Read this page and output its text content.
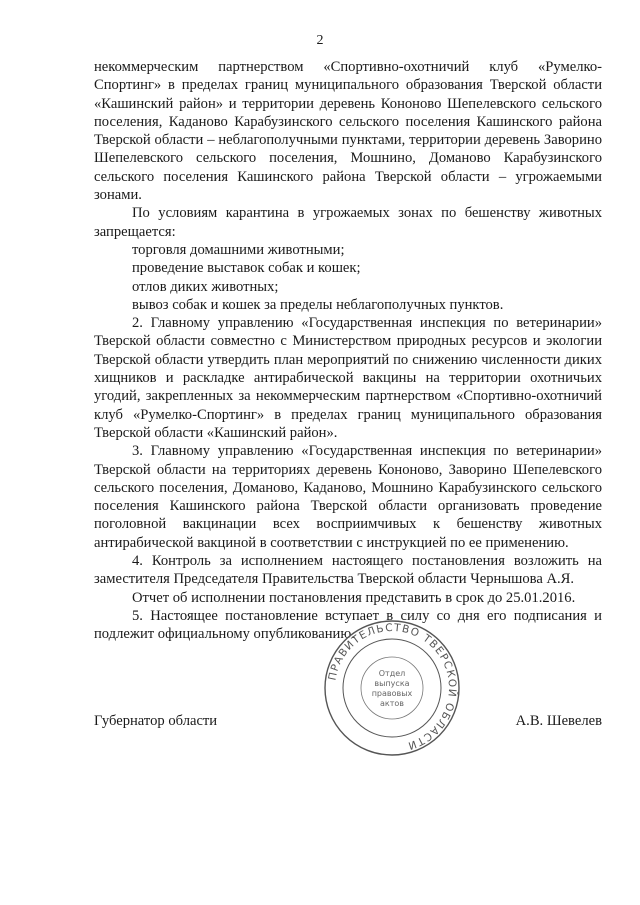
2

некоммерческим партнерством «Спортивно-охотничий клуб «Румелко-Спортинг» в пределах границ муниципального образования Тверской области «Кашинский район» и территории деревень Кононово Шепелевского сельского поселения, Каданово Карабузинского сельского поселения Кашинского района Тверской области – неблагополучными пунктами, территории деревень Заворино Шепелевского сельского поселения, Мошнино, Доманово Карабузинского сельского поселения Кашинского района Тверской области – угрожаемыми зонами.

По условиям карантина в угрожаемых зонах по бешенству животных запрещается:

торговля домашними животными;

проведение выставок собак и кошек;

отлов диких животных;

вывоз собак и кошек за пределы неблагополучных пунктов.

2. Главному управлению «Государственная инспекция по ветеринарии» Тверской области совместно с Министерством природных ресурсов и экологии Тверской области утвердить план мероприятий по снижению численности диких хищников и раскладке антирабической вакцины на территории охотничьих угодий, закрепленных за некоммерческим партнерством «Спортивно-охотничий клуб «Румелко-Спортинг» в пределах границ муниципального образования Тверской области «Кашинский район».

3. Главному управлению «Государственная инспекция по ветеринарии» Тверской области на территориях деревень Кононово, Заворино Шепелевского сельского поселения, Доманово, Каданово, Мошнино Карабузинского сельского поселения Кашинского района Тверской области организовать проведение поголовной вакцинации всех восприимчивых к бешенству животных антирабической вакциной в соответствии с инструкцией по ее применению.

4. Контроль за исполнением настоящего постановления возложить на заместителя Председателя Правительства Тверской области Чернышова А.Я.

Отчет об исполнении постановления представить в срок до 25.01.2016.

5. Настоящее постановление вступает в силу со дня его подписания и подлежит официальному опубликованию.

Губернатор области	А.В. Шевелев
ПРАВИТЕЛЬСТВО ТВЕРСКОЙ ОБЛАСТИ
Отдел
выпуска
правовых
актов
